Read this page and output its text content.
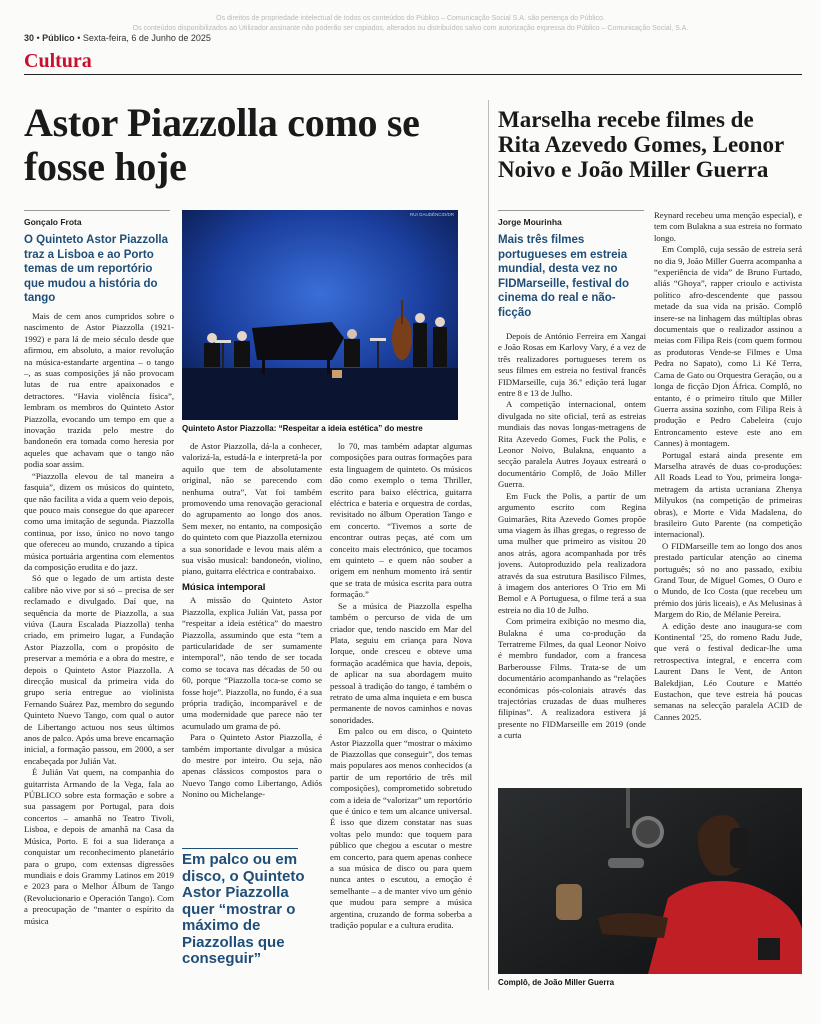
Os direitos de propriedade intelectual de todos os conteúdos do Público – Comunicação Social S.A. são pertença do Público.
Os conteúdos disponibilizados ao Utilizador assinante não poderão ser copiados, alterados ou distribuídos salvo com autorização expressa do Público – Comunicação Social, S.A.
30 • Público • Sexta-feira, 6 de Junho de 2025
Cultura
Astor Piazzolla como se fosse hoje
Marselha recebe filmes de Rita Azevedo Gomes, Leonor Noivo e João Miller Guerra
Gonçalo Frota
O Quinteto Astor Piazzolla traz a Lisboa e ao Porto temas de um reportório que mudou a história do tango
RUI GAUDÊNCIO/DR
Quinteto Astor Piazzolla: “Respeitar a ideia estética” do mestre

Mais de cem anos cumpridos sobre o nascimento de Astor Piazzolla (1921-1992) e para lá de meio século desde que afirmou, em absoluto, a maior revolução na música-estandarte argentina – o tango –, as suas composições já não provocam lutas de rua entre apaixonados e detractores. “Havia violência física”, lembram os membros do Quinteto Astor Piazzolla, evocando um tempo em que a inovação trazida pelo mestre do bandoneón era tomada como heresia por aqueles que achavam que o tango não podia soar assim.

“Piazzolla elevou de tal maneira a fasquia”, dizem os músicos do quinteto, que não facilita a vida a quem veio depois, que pouco mais consegue do que aparecer como uma imitação de segunda. Piazzolla continua, por isso, único no novo tango que ofereceu ao mundo, cruzando a típica música portuária argentina com elementos da composição erudita e do jazz.

Só que o legado de um artista deste calibre não vive por si só – precisa de ser reclamado e divulgado. Daí que, na sequência da morte de Piazzolla, a sua viúva (Laura Escalada Piazzolla) tenha criado, em primeiro lugar, a Fundação Astor Piazzolla, com o propósito de preservar a memória e a obra do mestre, e depois o Quinteto Astor Piazzolla. A direcção musical da primeira vida do grupo seria entregue ao violinista Fernando Suárez Paz, membro do segundo Quinteto Nuevo Tango, com qual o autor de Libertango actuou nos seus últimos anos de palco. Após uma breve encarnação inicial, a formação passou, em 2000, a ser encabeçada por Julián Vat.

É Julián Vat quem, na companhia do guitarrista Armando de la Vega, fala ao PÚBLICO sobre esta formação e sobre a sua passagem por Portugal, para dois concertos – amanhã no Teatro Tivoli, Lisboa, e depois de amanhã na Casa da Música, Porto. E foi a sua liderança a conquistar um reconhecimento planetário para o grupo, com extensas digressões mundiais e dois Grammy Latinos em 2019 e 2023 para o Melhor Álbum de Tango (Revolucionario e Operación Tango). Com a preocupação de “manter o espírito da música

de Astor Piazzolla, dá-la a conhecer, valorizá-la, estudá-la e interpretá-la por aquilo que tem de absolutamente original, não se parecendo com nenhuma outra”, Vat foi também promovendo uma renovação geracional do agrupamento ao longo dos anos. Sem mexer, no entanto, na composição do quinteto com que Piazzolla eternizou a sua sonoridade e levou mais além a sua visão musical: bandoneón, violino, piano, guitarra eléctrica e contrabaixo.

Música intemporal

A missão do Quinteto Astor Piazzolla, explica Julián Vat, passa por “respeitar a ideia estética” do maestro Piazzolla, assumindo que esta “tem a particularidade de ser sumamente intemporal”, não tendo de ser tocada como se tocava nas décadas de 50 ou 60, porque “Piazzolla toca-se como se fosse hoje”. Piazzolla, no fundo, é a sua própria tradição, incomparável e de uma modernidade que parece não ter acumulado um grama de pó.

Para o Quinteto Astor Piazzolla, é também importante divulgar a música do mestre por inteiro. Ou seja, não apenas clássicos compostos para o Nuevo Tango como Libertango, Adiós Nonino ou Michelange-

Em palco ou em disco, o Quinteto Astor Piazzolla quer “mostrar o máximo de Piazzollas que conseguir”

lo 70, mas também adaptar algumas composições para outras formações para esta linguagem de quinteto. Os músicos dão como exemplo o tema Thriller, escrito para baixo eléctrica, guitarra eléctrica e bateria e orquestra de cordas, revisitado no álbum Operation Tango e em concerto. “Tivemos a sorte de encontrar outras peças, até com um conceito mais electrónico, que tocamos em quinteto – e quem não souber a origem em nenhum momento irá sentir que se trata de música escrita para outra formação.”

Se a música de Piazzolla espelha também o percurso de vida de um criador que, tendo nascido em Mar del Plata, seguiu em criança para Nova Iorque, onde cresceu e obteve uma formação académica que havia, depois, de aplicar na sua abordagem muito pessoal à tradição do tango, é também o retrato de uma alma inquieta e em busca permanente de novos caminhos e novas sonoridades.

Em palco ou em disco, o Quinteto Astor Piazzolla quer “mostrar o máximo de Piazzollas que conseguir”, dos temas mais populares aos menos conhecidos (a partir de um reportório de três mil composições), comprometido sobretudo com a ideia de “valorizar” um reportório que é único e tem um alcance universal. É isso que dizem constatar nas suas voltas pelo mundo: que toquem para público que chegou a escutar o mestre em concerto, para quem apenas conhece a sua música de disco ou para quem nunca antes o escutou, a emoção é semelhante – a de manter vivo um génio que mudou para sempre a música argentina, cruzando de forma soberba a tradição popular e a cultura erudita.

Jorge Mourinha
Mais três filmes portugueses em estreia mundial, desta vez no FIDMarseille, festival do cinema do real e não-ficção

Depois de António Ferreira em Xangai e João Rosas em Karlovy Vary, é a vez de três realizadores portugueses terem os seus filmes em estreia no festival francês FIDMarseille, cuja 36.ª edição terá lugar entre 8 e 13 de Julho.

A competição internacional, ontem divulgada no site oficial, terá as estreias mundiais das novas longas-metragens de Rita Azevedo Gomes, Fuck the Polis, e Leonor Noivo, Bulakna, enquanto a secção paralela Autres Joyaux estreará o documentário Complô, de João Miller Guerra.

Em Fuck the Polis, a partir de um argumento escrito com Regina Guimarães, Rita Azevedo Gomes propõe uma viagem às ilhas gregas, o regresso de uma mulher que primeiro as visitou 20 anos atrás, agora acompanhada por três jovens. Autoproduzido pela realizadora através da sua estrutura Basilisco Filmes, à imagem dos anteriores O Trio em Mi Bemol e A Portuguesa, o filme terá a sua estreia no dia 10 de Julho.

Com primeira exibição no mesmo dia, Bulakna é uma co-produção da Terratreme Filmes, da qual Leonor Noivo é membro fundador, com a francesa Barberousse Films. Trata-se de um documentário acompanhando as “relações económicas pós-coloniais através das trajectórias cruzadas de duas mulheres filipinas”. A realizadora estivera já presente no FIDMarseille em 2019 (onde a curta

Reynard recebeu uma menção especial), e tem com Bulakna a sua estreia no formato longo.

Em Complô, cuja sessão de estreia será no dia 9, João Miller Guerra acompanha a “experiência de vida” de Bruno Furtado, aliás “Ghoya”, rapper crioulo e activista político afro-descendente que passou metade da sua vida na prisão. Complô insere-se na linhagem das múltiplas obras documentais que o realizador assinou a meias com Filipa Reis (com quem formou as produtoras Vende-se Filmes e Uma Pedra no Sapato), como Li Ké Terra, Cama de Gato ou Orquestra Geração, ou a longa de ficção Djon África. Complô, no entanto, é o primeiro título que Miller Guerra assina sozinho, com Filipa Reis à produção e Pedro Cabeleira (cujo Entroncamento esteve este ano em Cannes) à montagem.

Portugal estará ainda presente em Marselha através de duas co-produções: All Roads Lead to You, primeira longa-metragem da artista ucraniana Zhenya Milyukos (na competição de primeiras obras), e Morte e Vida Madalena, do brasileiro Guto Parente (na competição internacional).

O FIDMarseille tem ao longo dos anos prestado particular atenção ao cinema português; só no ano passado, exibiu Grand Tour, de Miguel Gomes, O Ouro e o Mundo, de Ico Costa (que recebeu um prémio dos júris liceais), e As Melusinas à Margem do Rio, de Mélanie Pereira.

A edição deste ano inaugura-se com Kontinental ’25, do romeno Radu Jude, que verá o festival dedicar-lhe uma retrospectiva integral, e encerra com Laurent Dans le Vent, de Anton Balekdjian, Léo Couture e Mattéo Eustachon, que teve estreia há poucas semanas na selecção paralela ACID de Cannes 2025.

Complô, de João Miller Guerra
